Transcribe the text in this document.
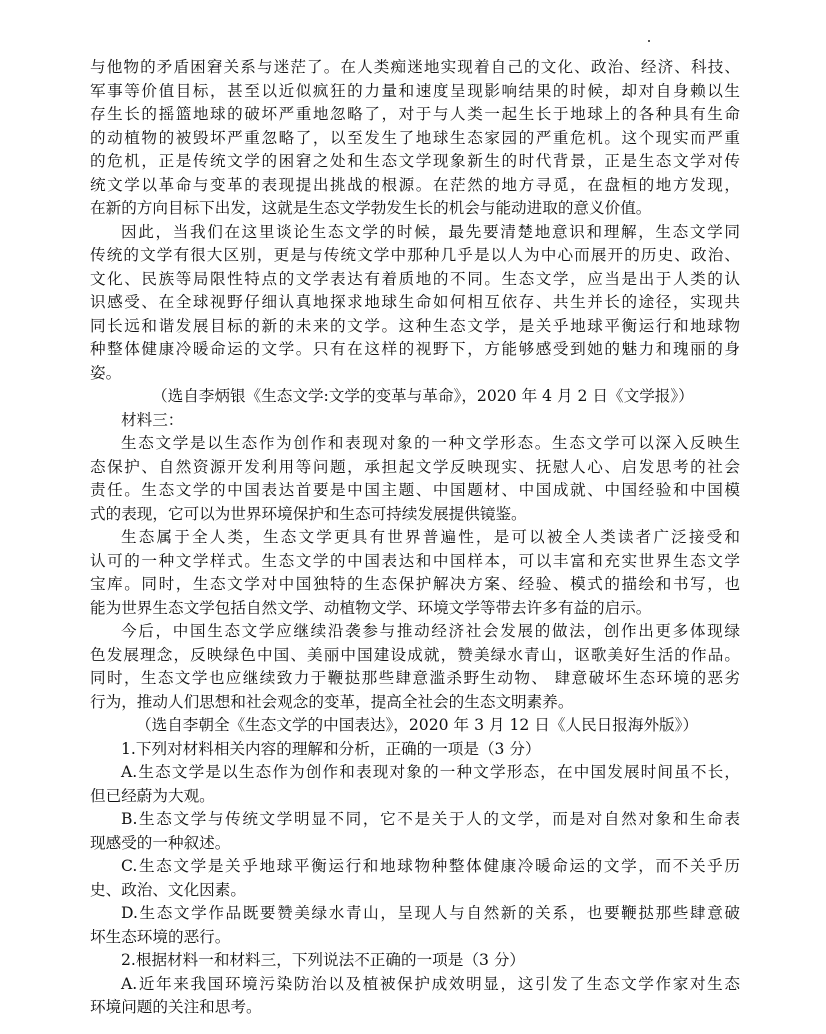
与他物的矛盾困窘关系与迷茫了。在人类痴迷地实现着自己的文化、政治、经济、科技、
军事等价值目标，甚至以近似疯狂的力量和速度呈现影响结果的时候，却对自身赖以生
存生长的摇篮地球的破坏严重地忽略了，对于与人类一起生长于地球上的各种具有生命
的动植物的被毁坏严重忽略了，以至发生了地球生态家园的严重危机。这个现实而严重
的危机，正是传统文学的困窘之处和生态文学现象新生的时代背景，正是生态文学对传
统文学以革命与变革的表现提出挑战的根源。在茫然的地方寻觅，在盘桓的地方发现，
在新的方向目标下出发，这就是生态文学勃发生长的机会与能动进取的意义价值。
因此，当我们在这里谈论生态文学的时候，最先要清楚地意识和理解，生态文学同
传统的文学有很大区别，更是与传统文学中那种几乎是以人为中心而展开的历史、政治、
文化、民族等局限性特点的文学表达有着质地的不同。生态文学，应当是出于人类的认
识感受、在全球视野仔细认真地探求地球生命如何相互依存、共生并长的途径，实现共
同长远和谐发展目标的新的未来的文学。这种生态文学，是关乎地球平衡运行和地球物
种整体健康冷暖命运的文学。只有在这样的视野下，方能够感受到她的魅力和瑰丽的身
姿。
（选自李炳银《生态文学:文学的变革与革命》，2020 年 4 月 2 日《文学报》）
材料三：
生态文学是以生态作为创作和表现对象的一种文学形态。生态文学可以深入反映生
态保护、自然资源开发利用等问题，承担起文学反映现实、抚慰人心、启发思考的社会
责任。生态文学的中国表达首要是中国主题、中国题材、中国成就、中国经验和中国模
式的表现，它可以为世界环境保护和生态可持续发展提供镜鉴。
生态属于全人类，生态文学更具有世界普遍性，是可以被全人类读者广泛接受和
认可的一种文学样式。生态文学的中国表达和中国样本，可以丰富和充实世界生态文学
宝库。同时，生态文学对中国独特的生态保护解决方案、经验、模式的描绘和书写，也
能为世界生态文学包括自然文学、动植物文学、环境文学等带去许多有益的启示。
今后，中国生态文学应继续沿袭参与推动经济社会发展的做法，创作出更多体现绿
色发展理念，反映绿色中国、美丽中国建设成就，赞美绿水青山，讴歌美好生活的作品。
同时，生态文学也应继续致力于鞭挞那些肆意滥杀野生动物、 肆意破坏生态环境的恶劣
行为，推动人们思想和社会观念的变革，提高全社会的生态文明素养。
（选自李朝全《生态文学的中国表达》，2020 年 3 月 12 日《人民日报海外版》）
1.下列对材料相关内容的理解和分析，正确的一项是（3 分）
A.生态文学是以生态作为创作和表现对象的一种文学形态，在中国发展时间虽不长，
但已经蔚为大观。
B.生态文学与传统文学明显不同，它不是关于人的文学，而是对自然对象和生命表
现感受的一种叙述。
C.生态文学是关乎地球平衡运行和地球物种整体健康冷暖命运的文学，而不关乎历
史、政治、文化因素。
D.生态文学作品既要赞美绿水青山，呈现人与自然新的关系，也要鞭挞那些肆意破
坏生态环境的恶行。
2.根据材料一和材料三，下列说法不正确的一项是（3 分）
A.近年来我国环境污染防治以及植被保护成效明显，这引发了生态文学作家对生态
环境问题的关注和思考。
